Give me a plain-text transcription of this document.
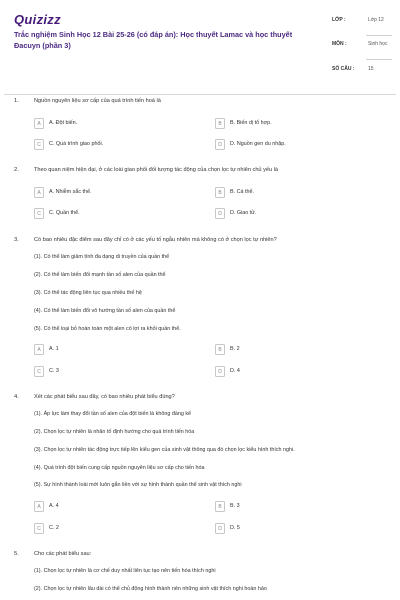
Quizizz
Trắc nghiệm Sinh Học 12 Bài 25-26 (có đáp án): Học thuyết Lamac và học thuyết Đacuyn (phần 3)
LỚP :	Lớp 12
MÔN :	Sinh học
SỐ CÂU :	15
1.	Nguồn nguyên liệu sơ cấp của quá trình tiến hoá là
A	A. Đột biến.	B	B. Biến dị tổ hợp.
C	C. Quá trình giao phối.	D	D. Nguồn gen du nhập.
2.	Theo quan niệm hiện đại, ở các loài giao phối đối tượng tác động của chọn lọc tự nhiên chủ yếu là
A	A. Nhiễm sắc thể.	B	B. Cá thể.
C	C. Quần thể.	D	D. Giao tử.
3.	Có bao nhiêu đặc điểm sau đây chỉ có ở các yếu tố ngẫu nhiên mà không có ở chọn lọc tự nhiên?
(1). Có thể làm giảm tính đa dạng di truyền của quần thể
(2). Có thể làm biến đổi mạnh tần số alen của quần thể
(3). Có thể tác động liên tục qua nhiều thế hệ
(4). Có thể làm biến đổi vô hướng tần số alen của quần thể
(5). Có thể loại bỏ hoàn toàn một alen có lợi ra khỏi quần thể.
A	A. 1	B	B. 2
C	C. 3	D	D. 4
4.	Xét các phát biểu sau đây, có bao nhiêu phát biểu đúng?
(1). Áp lực làm thay đổi tần số alen của đột biến là không đáng kể
(2). Chọn lọc tự nhiên là nhân tố định hướng cho quá trình tiến hóa
(3). Chọn lọc tự nhiên tác động trực tiếp lên kiểu gen của sinh vật thông qua đó chọn lọc kiểu hình thích nghi.
(4). Quá trình đột biến cung cấp nguồn nguyên liệu sơ cấp cho tiến hóa
(5). Sự hình thành loài mới luôn gắn liền với sự hình thành quần thể sinh vật thích nghi
A	A. 4	B	B. 3
C	C. 2	D	D. 5
5.	Cho các phát biểu sau:
(1). Chọn lọc tự nhiên là cơ chế duy nhất liên tục tạo nên tiến hóa thích nghi
(2). Chọn lọc tự nhiên lâu dài có thể chủ động hình thành nên những sinh vật thích nghi hoàn hảo
